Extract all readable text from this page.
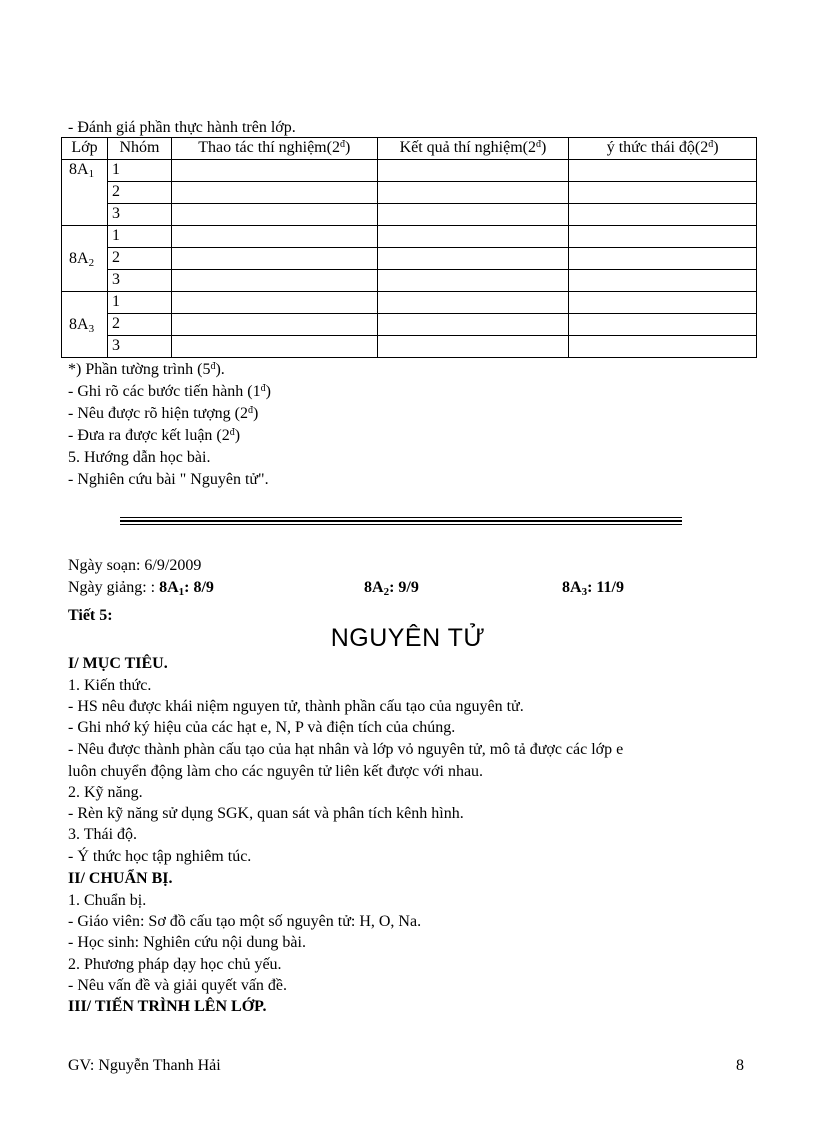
- Đánh giá phần thực hành trên lớp.
Lớp	Nhóm	Thao tác thí $nghiệm(2^đ)$	Kết quả thí $nghiệm(2^đ)$	ý thức thái $độ(2^đ)$
$8A_1$	1			
	2			
	3			
$8A_2$	1			
	2			
	3			
$8A_3$	1			
	2			
	3			
*) Phần tường trình $(5^đ)$.
- Ghi rõ các bước tiến hành $(1^đ)$
- Nêu được rõ hiện tượng $(2^đ)$
- Đưa ra được kết luận $(2^đ)$
5. Hướng dẫn học bài.
- Nghiên cứu bài " Nguyên tử".
Ngày soạn: 6/9/2009
Ngày giảng: : $8A_1$: 8/9	$8A_2$: 9/9	$8A_3$: 11/9
Tiết 5:
NGUYÊN TỬ
I/ MỤC TIÊU.
1. Kiến thức.
- HS nêu được khái niệm nguyen tử, thành phần cấu tạo của nguyên tử.
- Ghi nhớ ký hiệu của các hạt e, N, P và điện tích của chúng.
- Nêu được thành phàn cấu tạo của hạt nhân và lớp vỏ nguyên tử, mô tả được các lớp e
luôn chuyển động làm cho các nguyên tử liên kết được với nhau.
2. Kỹ năng.
- Rèn kỹ năng sử dụng SGK, quan sát và phân tích kênh hình.
3. Thái độ.
- Ý thức học tập nghiêm túc.
II/ CHUẨN BỊ.
1. Chuẩn bị.
- Giáo viên: Sơ đồ cấu tạo một số nguyên tử: H, O, Na.
- Học sinh: Nghiên cứu nội dung bài.
2. Phương pháp dạy học chủ yếu.
- Nêu vấn đề và giải quyết vấn đề.
III/ TIẾN TRÌNH LÊN LỚP.
GV: Nguyễn Thanh Hải	8
